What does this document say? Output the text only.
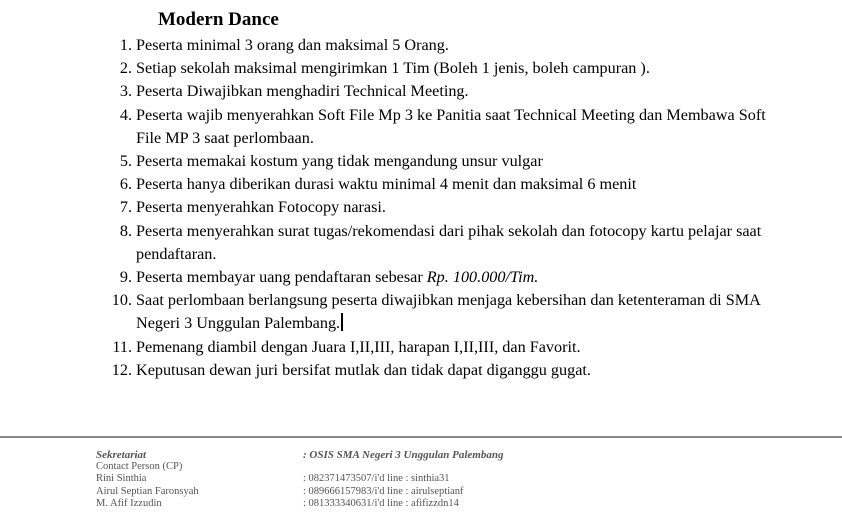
Modern Dance
1. Peserta minimal 3 orang dan maksimal 5 Orang.
2. Setiap sekolah maksimal mengirimkan 1 Tim (Boleh 1 jenis, boleh campuran ).
3. Peserta Diwajibkan menghadiri Technical Meeting.
4. Peserta wajib menyerahkan Soft File Mp 3 ke Panitia saat Technical Meeting dan Membawa Soft File MP 3 saat perlombaan.
5. Peserta memakai kostum yang tidak mengandung unsur vulgar
6. Peserta hanya diberikan durasi waktu minimal 4 menit dan maksimal 6 menit
7. Peserta menyerahkan Fotocopy narasi.
8. Peserta menyerahkan surat tugas/rekomendasi dari pihak sekolah dan fotocopy kartu pelajar saat pendaftaran.
9. Peserta membayar uang pendaftaran sebesar Rp. 100.000/Tim.
10. Saat perlombaan berlangsung peserta diwajibkan menjaga kebersihan dan ketenteraman di SMA Negeri 3 Unggulan Palembang.
11. Pemenang diambil dengan Juara I,II,III, harapan I,II,III, dan Favorit.
12. Keputusan dewan juri bersifat mutlak dan tidak dapat diganggu gugat.
Sekretariat	: OSIS SMA Negeri 3 Unggulan Palembang
Contact Person (CP)
Rini Sinthia	: 082371473507/i'd line : sinthia31
Airul Septian Faronsyah	: 089666157983/i'd line : airulseptianf
M. Afif Izzudin	: 081333340631/i'd line : afifizzdn14
